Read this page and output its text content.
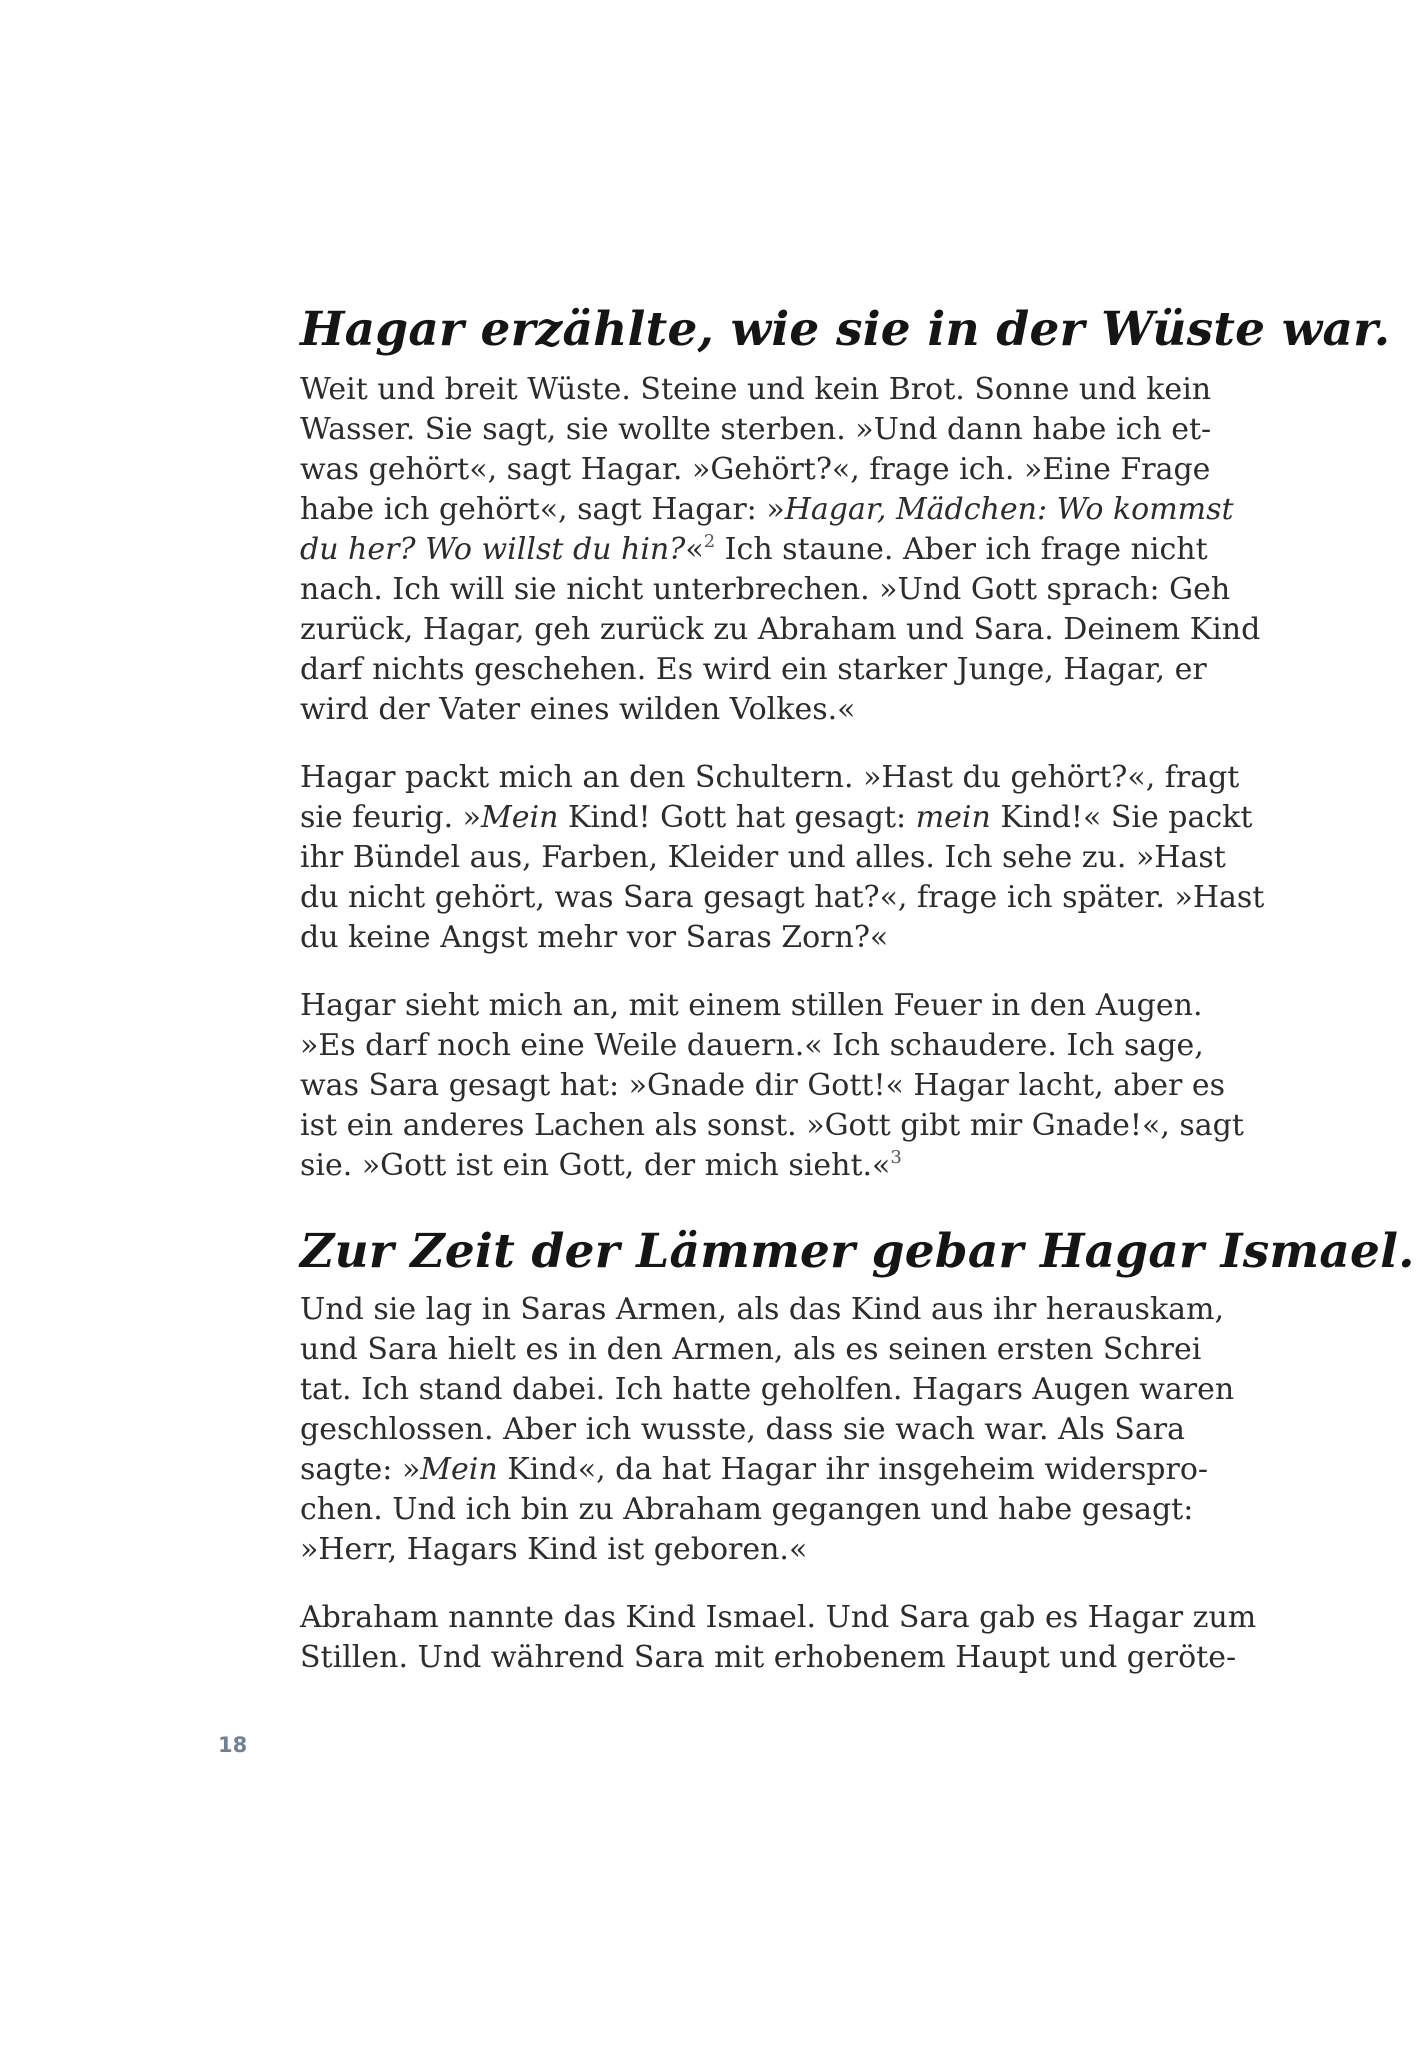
Hagar erzählte, wie sie in der Wüste war.

Weit und breit Wüste. Steine und kein Brot. Sonne und kein
Wasser. Sie sagt, sie wollte sterben. »Und dann habe ich et-
was gehört«, sagt Hagar. »Gehört?«, frage ich. »Eine Frage
habe ich gehört«, sagt Hagar: »Hagar, Mädchen: Wo kommst
du her? Wo willst du hin?«$^2$ Ich staune. Aber ich frage nicht
nach. Ich will sie nicht unterbrechen. »Und Gott sprach: Geh
zurück, Hagar, geh zurück zu Abraham und Sara. Deinem Kind
darf nichts geschehen. Es wird ein starker Junge, Hagar, er
wird der Vater eines wilden Volkes.«

Hagar packt mich an den Schultern. »Hast du gehört?«, fragt
sie feurig. »Mein Kind! Gott hat gesagt: mein Kind!« Sie packt
ihr Bündel aus, Farben, Kleider und alles. Ich sehe zu. »Hast
du nicht gehört, was Sara gesagt hat?«, frage ich später. »Hast
du keine Angst mehr vor Saras Zorn?«

Hagar sieht mich an, mit einem stillen Feuer in den Augen.
»Es darf noch eine Weile dauern.« Ich schaudere. Ich sage,
was Sara gesagt hat: »Gnade dir Gott!« Hagar lacht, aber es
ist ein anderes Lachen als sonst. »Gott gibt mir Gnade!«, sagt
sie. »Gott ist ein Gott, der mich sieht.«$^3$

Zur Zeit der Lämmer gebar Hagar Ismael.

Und sie lag in Saras Armen, als das Kind aus ihr herauskam,
und Sara hielt es in den Armen, als es seinen ersten Schrei
tat. Ich stand dabei. Ich hatte geholfen. Hagars Augen waren
geschlossen. Aber ich wusste, dass sie wach war. Als Sara
sagte: »Mein Kind«, da hat Hagar ihr insgeheim widerspro-
chen. Und ich bin zu Abraham gegangen und habe gesagt:
»Herr, Hagars Kind ist geboren.«

Abraham nannte das Kind Ismael. Und Sara gab es Hagar zum
Stillen. Und während Sara mit erhobenem Haupt und geröte-

18
